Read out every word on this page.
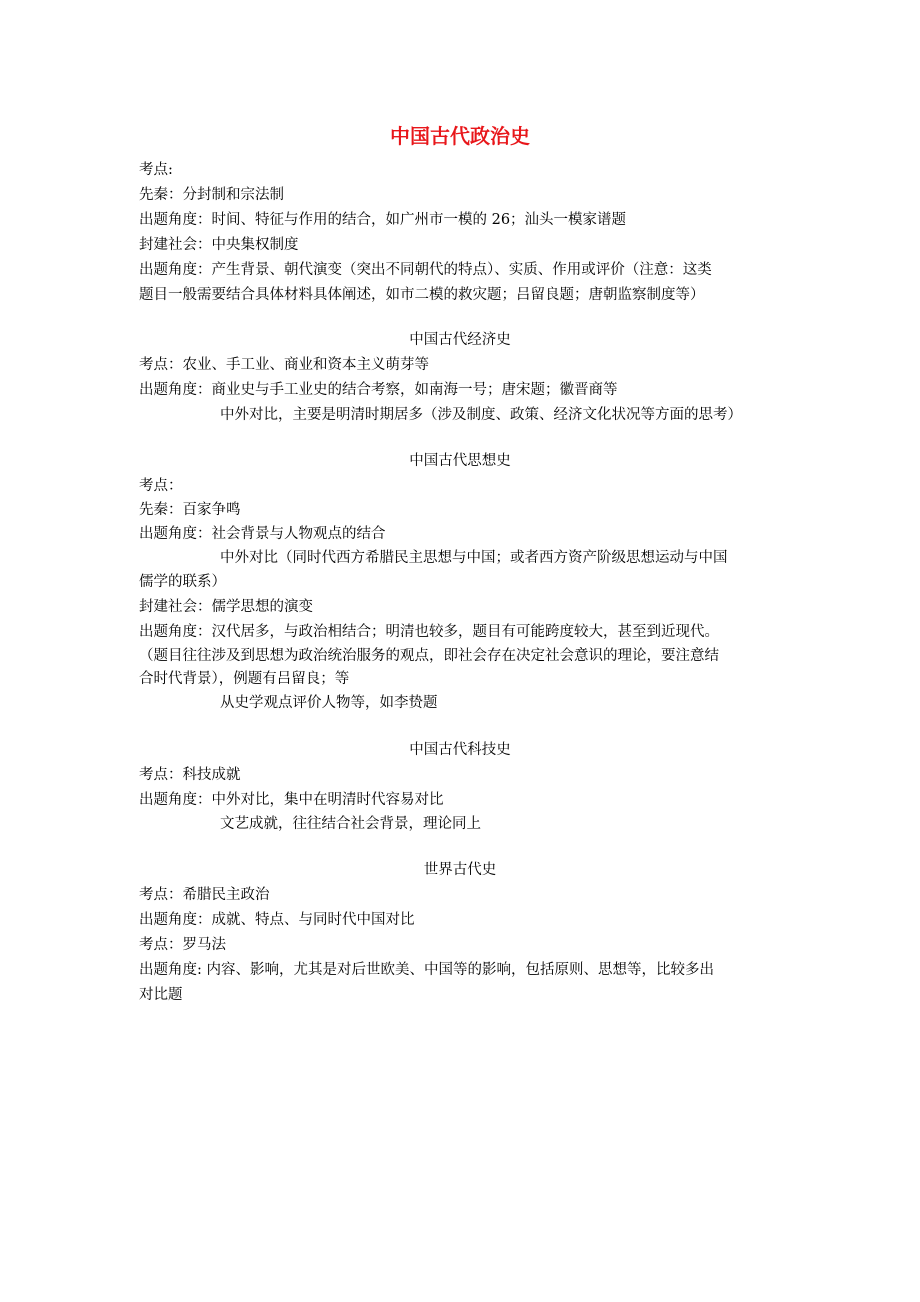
中国古代政治史
考点:
先秦：分封制和宗法制
出题角度：时间、特征与作用的结合，如广州市一模的 26；汕头一模家谱题
封建社会：中央集权制度
出题角度：产生背景、朝代演变（突出不同朝代的特点）、实质、作用或评价（注意：这类
题目一般需要结合具体材料具体阐述，如市二模的救灾题；吕留良题；唐朝监察制度等）
中国古代经济史
考点：农业、手工业、商业和资本主义萌芽等
出题角度：商业史与手工业史的结合考察，如南海一号；唐宋题；徽晋商等
中外对比，主要是明清时期居多（涉及制度、政策、经济文化状况等方面的思考）
中国古代思想史
考点：
先秦：百家争鸣
出题角度：社会背景与人物观点的结合
中外对比（同时代西方希腊民主思想与中国；或者西方资产阶级思想运动与中国
儒学的联系）
封建社会：儒学思想的演变
出题角度：汉代居多，与政治相结合；明清也较多，题目有可能跨度较大，甚至到近现代。
（题目往往涉及到思想为政治统治服务的观点，即社会存在决定社会意识的理论，要注意结
合时代背景），例题有吕留良；等
从史学观点评价人物等，如李贽题
中国古代科技史
考点：科技成就
出题角度：中外对比，集中在明清时代容易对比
文艺成就，往往结合社会背景，理论同上
世界古代史
考点：希腊民主政治
出题角度：成就、特点、与同时代中国对比
考点：罗马法
出题角度: 内容、影响，尤其是对后世欧美、中国等的影响，包括原则、思想等，比较多出
对比题
